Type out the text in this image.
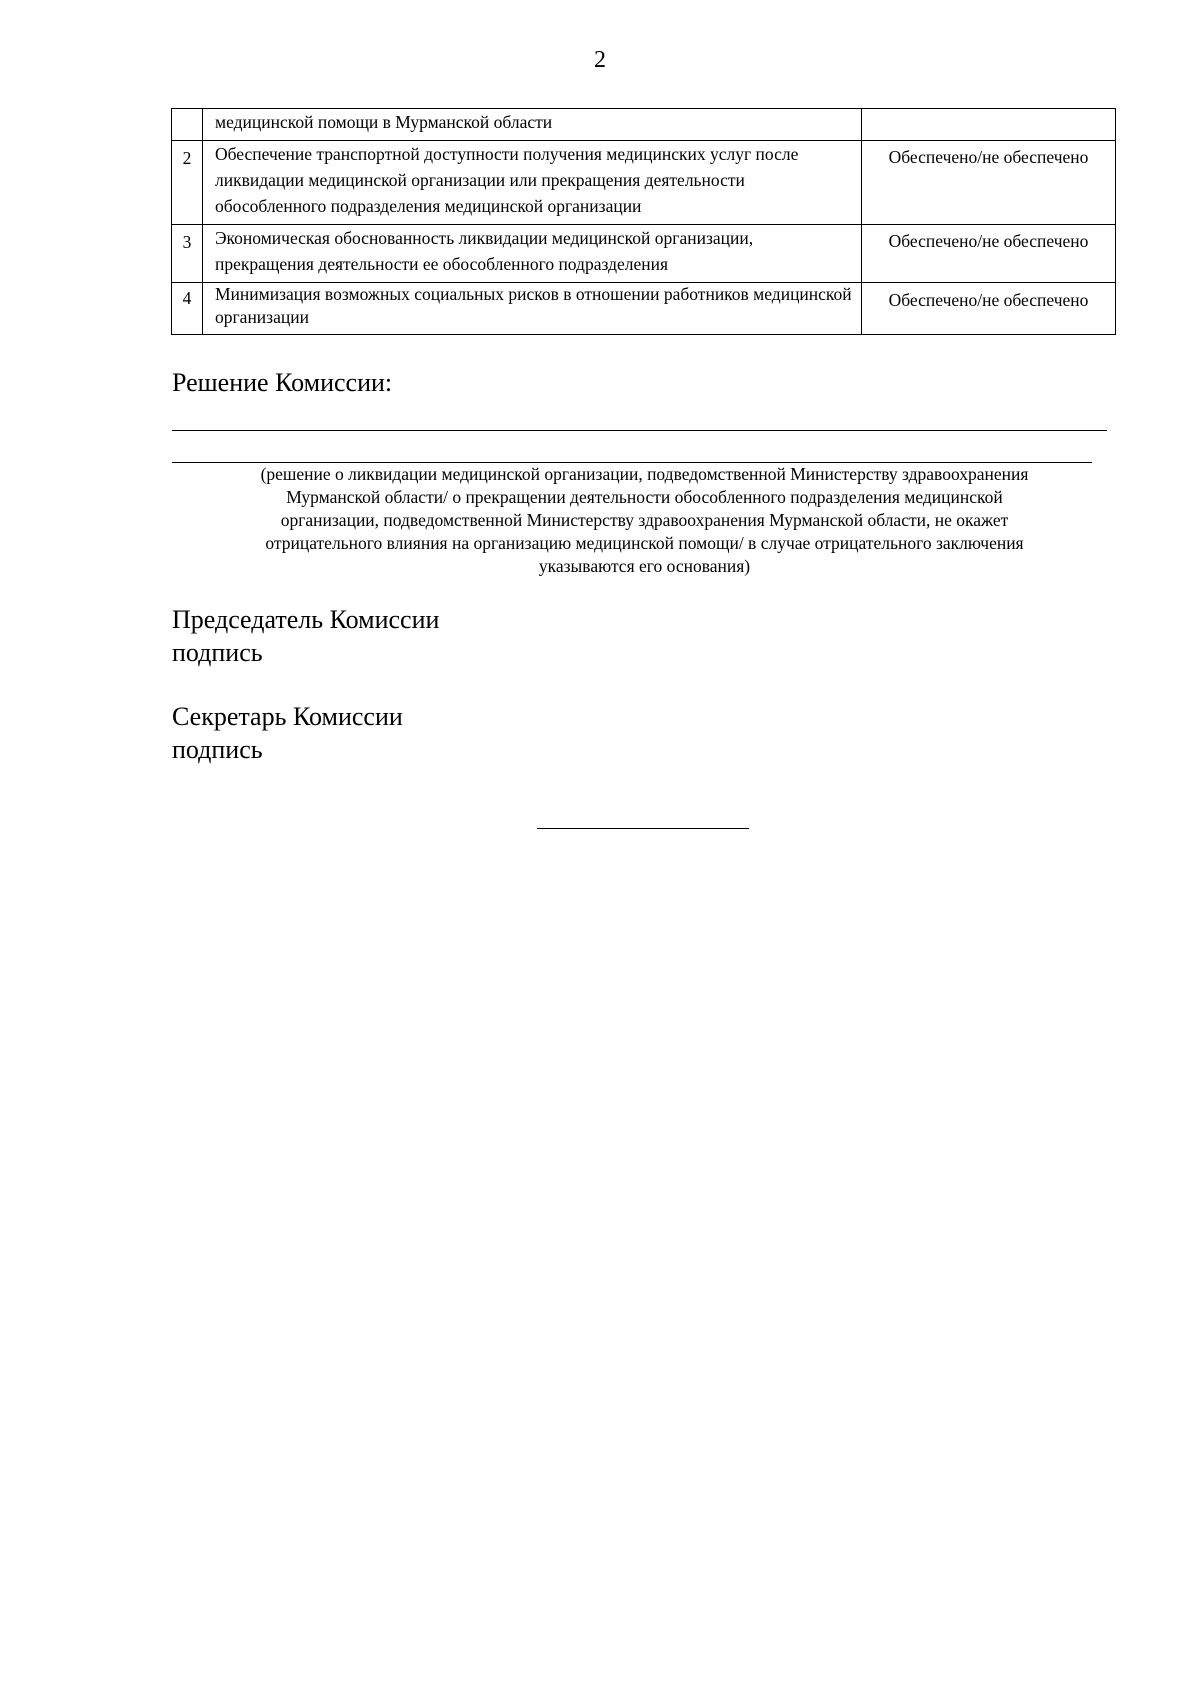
2
	медицинской помощи в Мурманской области	
2	Обеспечение транспортной доступности получения медицинских услуг после ликвидации медицинской организации или прекращения деятельности обособленного подразделения медицинской организации	Обеспечено/не обеспечено
3	Экономическая обоснованность ликвидации медицинской организации, прекращения деятельности ее обособленного подразделения	Обеспечено/не обеспечено
4	Минимизация возможных социальных рисков в отношении работников медицинской организации	Обеспечено/не обеспечено
Решение Комиссии:
(решение о ликвидации медицинской организации, подведомственной Министерству здравоохранения
Мурманской области/ о прекращении деятельности обособленного подразделения медицинской
организации, подведомственной Министерству здравоохранения Мурманской области, не окажет
отрицательного влияния на организацию медицинской помощи/ в случае отрицательного заключения
указываются его основания)
Председатель Комиссии
подпись
Секретарь Комиссии
подпись
